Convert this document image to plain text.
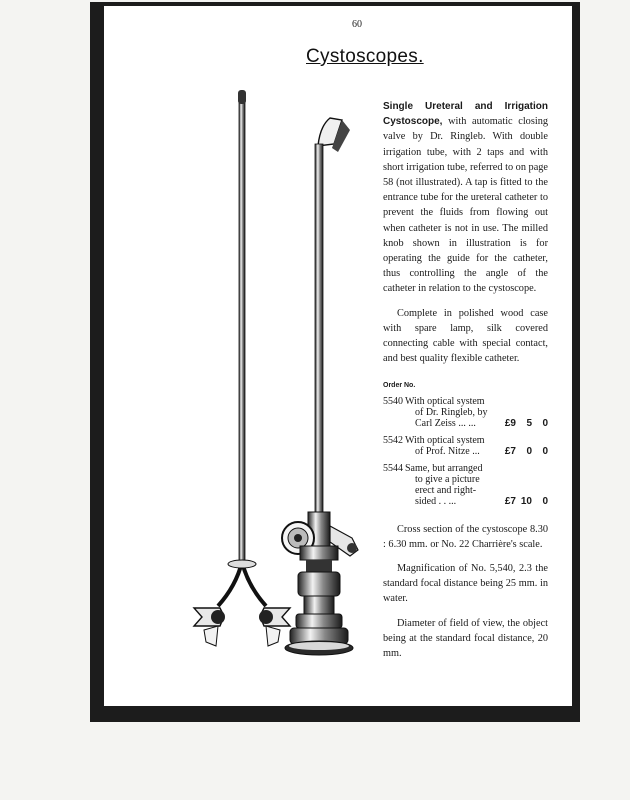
60
Cystoscopes.

Single Ureteral and Irrigation Cystoscope, with automatic closing valve by Dr. Ringleb. With double irrigation tube, with 2 taps and with short irrigation tube, referred to on page 58 (not illustrated). A tap is fitted to the entrance tube for the ureteral catheter to prevent the fluids from flowing out when catheter is not in use. The milled knob shown in illustration is for operating the guide for the catheter, thus controlling the angle of the catheter in relation to the cystoscope.

Complete in polished wood case with spare lamp, silk covered connecting cable with special contact, and best quality flexible catheter.

Order No.
5540	With optical system
of Dr. Ringleb, by
Carl Zeiss ... ...	£9	5	0
5542	With optical system
of Prof. Nitze ...	£7	0	0
5544	Same, but arranged
to give a picture
erect and right-
sided . . ...	£7	10	0

Cross section of the cystoscope 8.30 : 6.30 mm. or No. 22 Charrière's scale.

Magnification of No. 5,540, 2.3 the standard focal distance being 25 mm. in water.

Diameter of field of view, the object being at the standard focal distance, 20 mm.
